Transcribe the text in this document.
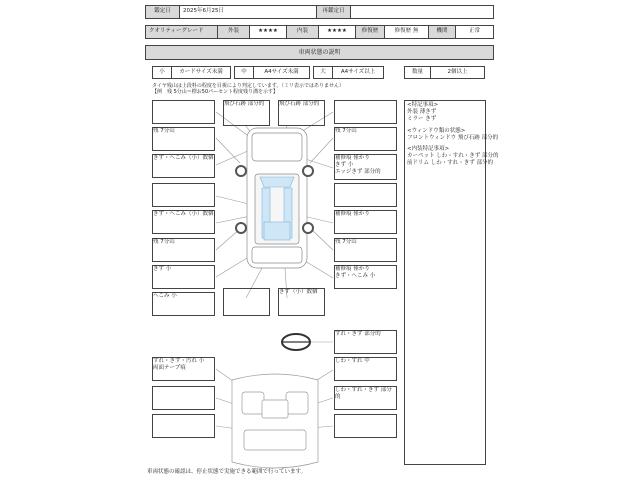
鑑定日	2025年6月25日	再鑑定日
クオリティーグレード	外装	★★★★	内装	★★★★	修復歴	修復歴 無	機関	正常
車両状態の説明
小	カードサイズ未満	中	A4サイズ未満	大	A4サイズ以上	数量	2個以上
タイヤ残山は上段料の程度を目視により判定しています。（ミリ表示ではありません）
【例　残 5分山＝標お50パーセント程度残り溝を示す】
残 7分山
きず・へこみ（小）数個
きず・へこみ（小）数個
残 7分山
きず 小
へこみ 小
飛び石跡 部分的	飛び石跡 部分的
残 7分山
補修痕 僅かり
きず 小
エッジきず 部分的
補修痕 僅かり
残 7分山
補修痕 僅かり
きず・へこみ 小
きず（小）数個
すれ・きず・汚れ 小
両面テープ痕
すれ・きず 部分的
しわ・すれ 中
しわ・すれ・きず 部分的
<特記事項>
外装 薄きず
ミラー きず
<ウィンドウ類の状態>
フロントウィンドウ 飛び石跡 部分的
<内装特記事項>
カーペット しわ・すれ・きず 部分的
前ドリム しわ・すれ・きず 部分的
車両状態の確認は、停止状態で実施できる範囲で行っています。
